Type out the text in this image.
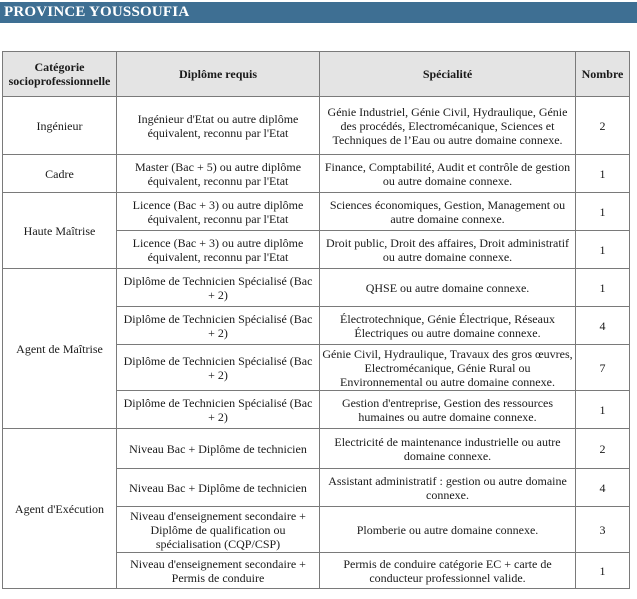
PROVINCE YOUSSOUFIA
Catégorie socioprofessionnelle	Diplôme requis	Spécialité	Nombre
Ingénieur	Ingénieur d'Etat ou autre diplôme équivalent, reconnu par l'Etat	Génie Industriel, Génie Civil, Hydraulique, Génie des procédés, Electromécanique, Sciences et Techniques de l’Eau ou autre domaine connexe.	2
Cadre	Master (Bac + 5) ou autre diplôme équivalent, reconnu par l'Etat	Finance, Comptabilité, Audit et contrôle de gestion ou autre domaine connexe.	1
Haute Maîtrise	Licence (Bac + 3) ou autre diplôme équivalent, reconnu par l'Etat	Sciences économiques, Gestion, Management ou autre domaine connexe.	1
	Licence (Bac + 3) ou autre diplôme équivalent, reconnu par l'Etat	Droit public, Droit des affaires, Droit administratif ou autre domaine connexe.	1
Agent de Maîtrise	Diplôme de Technicien Spécialisé (Bac + 2)	QHSE ou autre domaine connexe.	1
	Diplôme de Technicien Spécialisé (Bac + 2)	Électrotechnique, Génie Électrique, Réseaux Électriques ou autre domaine connexe.	4
	Diplôme de Technicien Spécialisé (Bac + 2)	Génie Civil, Hydraulique, Travaux des gros œuvres, Electromécanique, Génie Rural ou Environnemental ou autre domaine connexe.	7
	Diplôme de Technicien Spécialisé (Bac + 2)	Gestion d'entreprise, Gestion des ressources humaines ou autre domaine connexe.	1
Agent d'Exécution	Niveau Bac + Diplôme de technicien	Electricité de maintenance industrielle ou autre domaine connexe.	2
	Niveau Bac + Diplôme de technicien	Assistant administratif : gestion ou autre domaine connexe.	4
	Niveau d'enseignement secondaire + Diplôme de qualification ou spécialisation (CQP/CSP)	Plomberie ou autre domaine connexe.	3
	Niveau d'enseignement secondaire + Permis de conduire	Permis de conduire catégorie EC + carte de conducteur professionnel valide.	1
